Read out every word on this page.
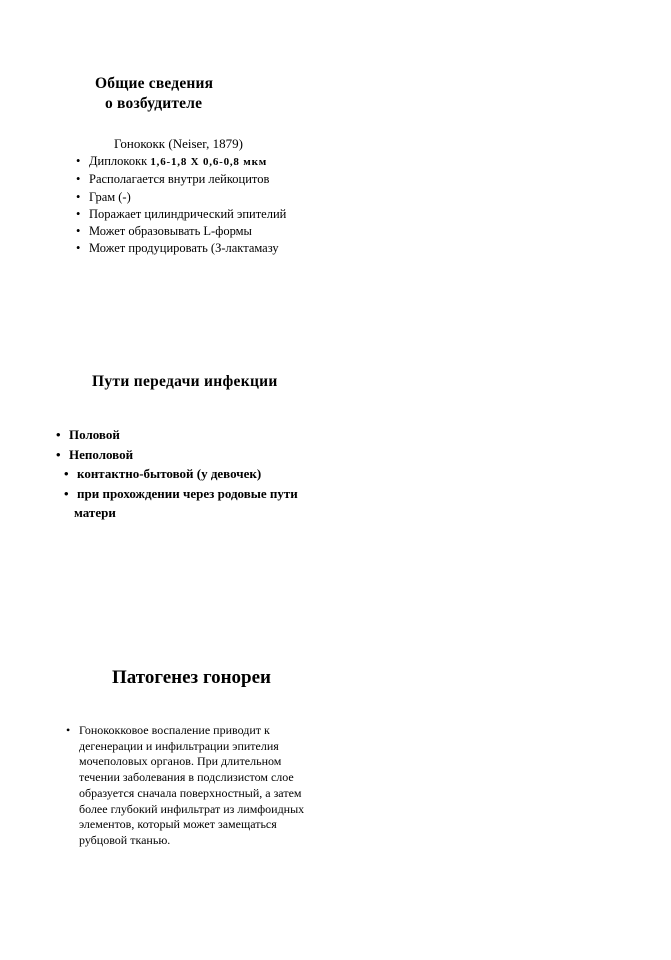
Общие сведения
о возбудителе
Гонококк (Neiser, 1879)
• Диплококк 1,6-1,8 X 0,6-0,8 мкм
• Располагается внутри лейкоцитов
• Грам (-)
• Поражает цилиндрический эпителий
• Может образовывать L-формы
• Может продуцировать (З-лактамазу
Пути передачи инфекции
• Половой
• Неполовой
• контактно-бытовой (у девочек)
• при прохождении через родовые пути
матери
Патогенез гонореи
• Гонококковое воспаление приводит к дегенерации и инфильтрации эпителия мочеполовых органов. При длительном течении заболевания в подслизистом слое образуется сначала поверхностный, а затем более глубокий инфильтрат из лимфоидных элементов, который может замещаться рубцовой тканью.
